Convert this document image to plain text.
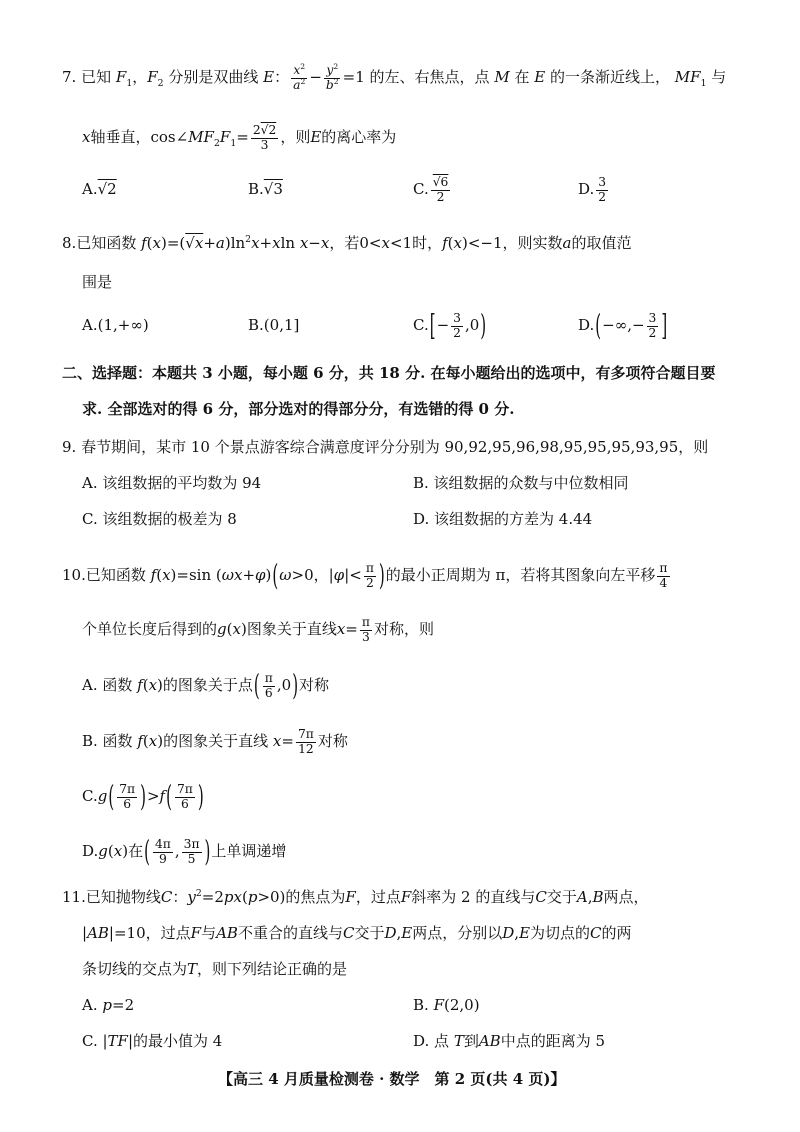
7. 已知 $F_1$，$F_2$ 分别是双曲线 E： $\frac{x^2}{a^2} - \frac{y^2}{b^2} =1$ 的左、右焦点，点 M 在 E 的一条渐近线上， $MF_1$ 与
x轴垂直，$\cos\angle MF_2F_1= \frac{2√2}{3}$ ，则E的离心率为
A.√2	B.√3	C. $\frac{√6}{2}$	D. $\frac{3}{2}$
8.已知函数 $f(x)=(√x+a)\ln^2x+xln$ x−x，若0<x<1时，f(x)<−1，则实数a的取值范
围是
A.(1,+∞)	B.(0,1]	$C.[- \frac{3}{2} ,0)$	$D.(-\infty,- \frac{3}{2}$ ]
二、选择题：本题共 3 小题，每小题 6 分，共 18 分. 在每小题给出的选项中，有多项符合题目要
求. 全部选对的得 6 分，部分选对的得部分分，有选错的得 0 分.
9. 春节期间，某市 10 个景点游客综合满意度评分分别为 90,92,95,96,98,95,95,95,93,95，则
A. 该组数据的平均数为 94	B. 该组数据的众数与中位数相同
C. 该组数据的极差为 8	D. 该组数据的方差为 4.44
10.已知函数 f(x)=sin (ωx+φ)(ω>0，$|\varphi|< \frac{\pi}{2}$ )的最小正周期为 π，若将其图象向左平移 $\frac{\pi}{4}$
个单位长度后得到的g(x)图象关于直线$x= \frac{\pi}{3}$ 对称，则
A. 函数 f(x)的图象关于点( $\frac{\pi}{6} ,0$)对称
B. 函数 f(x)的图象关于直线 $x= \frac{7\pi}{12}$ 对称
$C.g( \frac{7\pi}{6} )>f( \frac{7\pi}{6}$ )
D.g(x)在( $\frac{4\pi}{9}$ , $\frac{3\pi}{5}$ )上单调递增
11.已知抛物线C：$y^2=2px(p>0)$的焦点为F，过点F斜率为 2 的直线与C交于A,B两点，
|AB|=10，过点F与AB不重合的直线与C交于D,E两点，分别以D,E为切点的C的两
条切线的交点为T，则下列结论正确的是
A. p=2	B. F(2,0)
C. |TF|的最小值为 4	D. 点 T到AB中点的距离为 5
【高三 4 月质量检测卷 · 数学　第 2 页(共 4 页)】
